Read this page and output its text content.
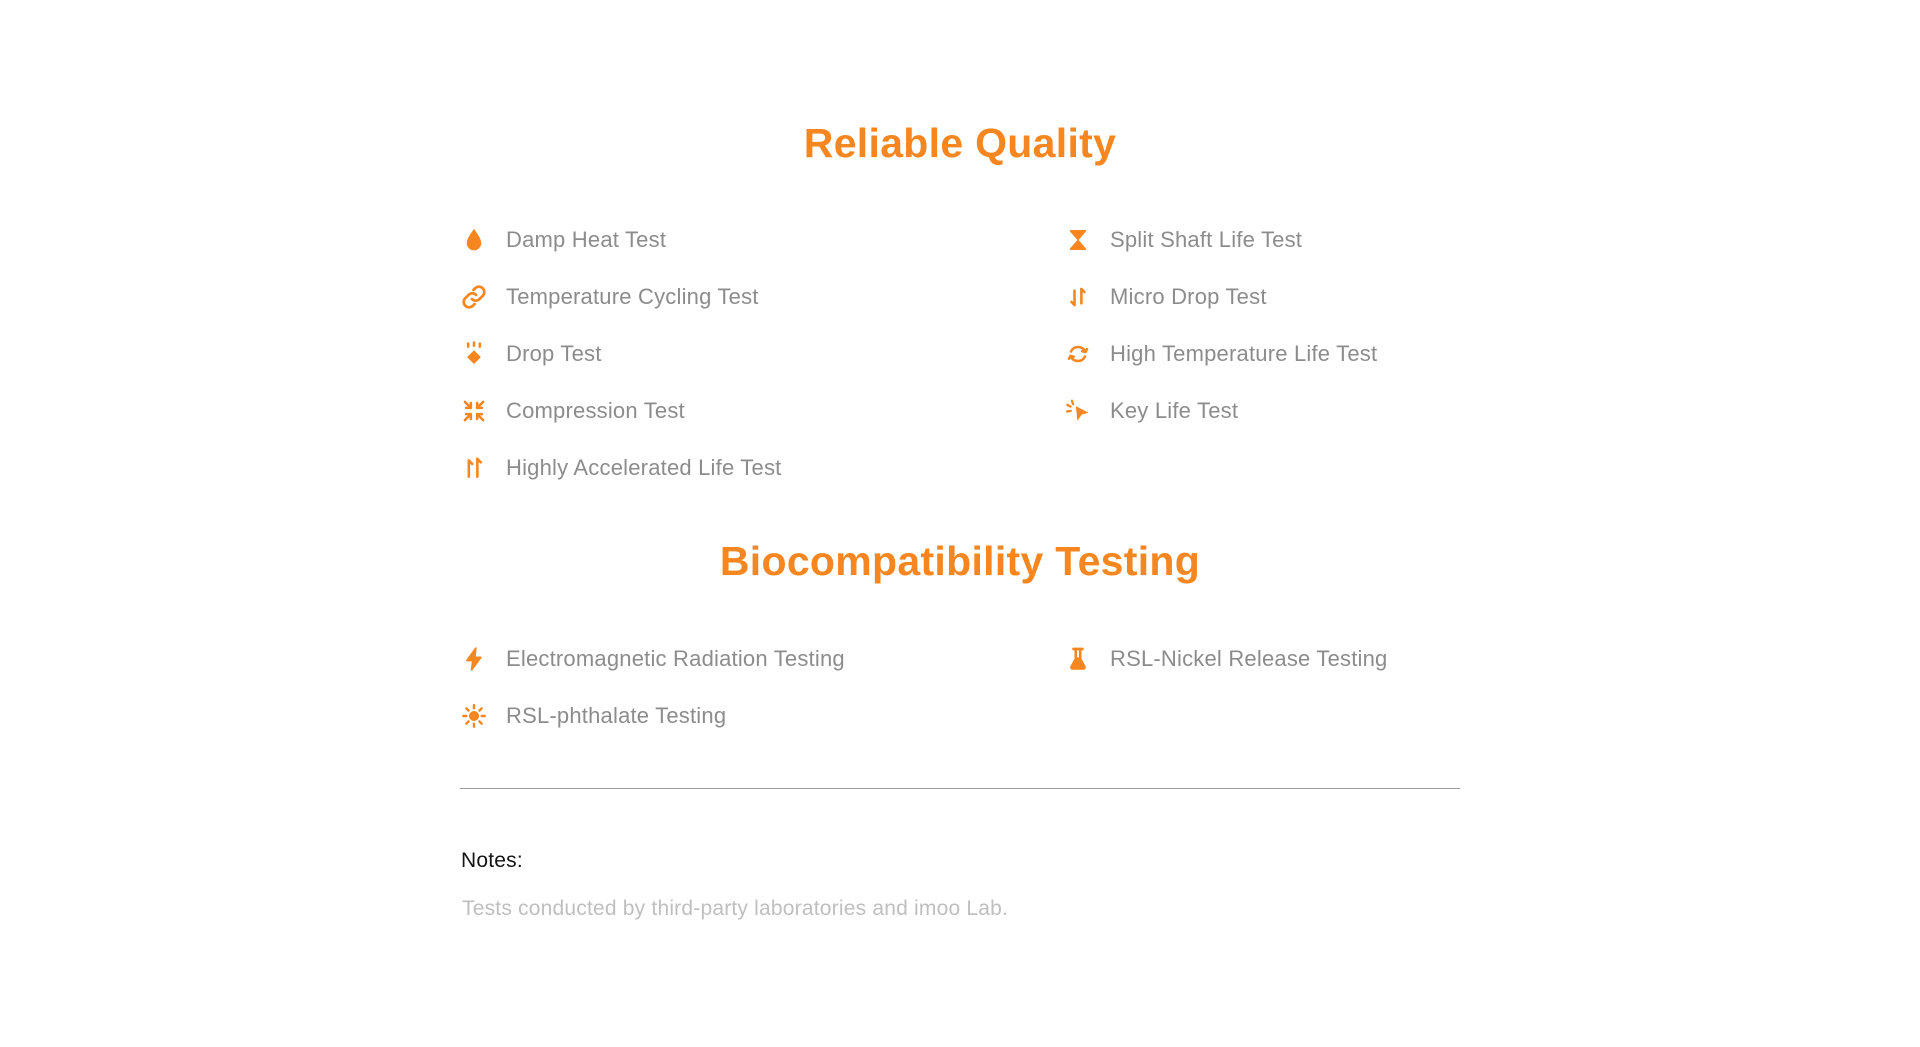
Reliable Quality
Damp Heat Test
Temperature Cycling Test
Drop Test
Compression Test
Highly Accelerated Life Test
Split Shaft Life Test
Micro Drop Test
High Temperature Life Test
Key Life Test
Biocompatibility Testing
Electromagnetic Radiation Testing
RSL-phthalate Testing
RSL-Nickel Release Testing
Notes:
Tests conducted by third-party laboratories and imoo Lab.
